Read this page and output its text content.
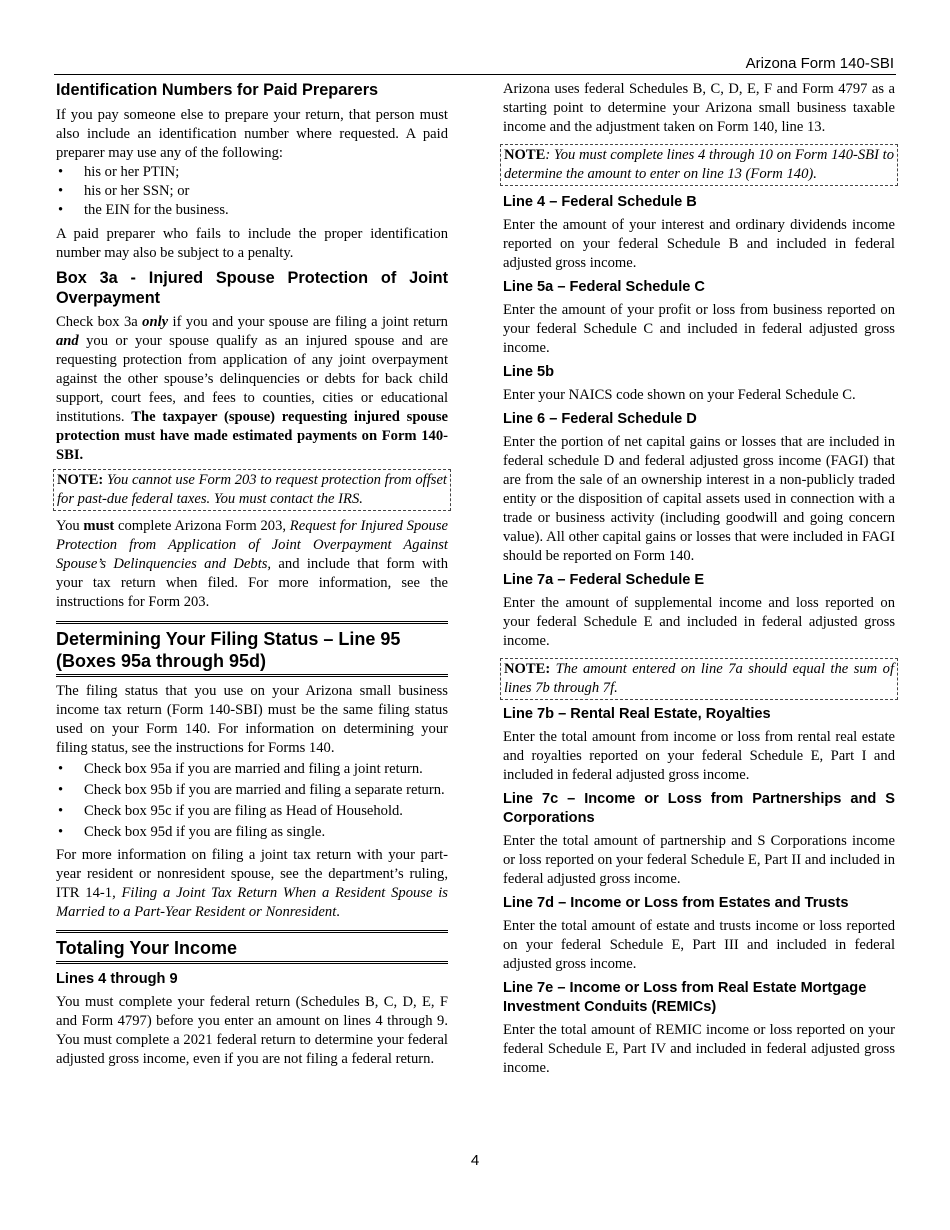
Arizona Form 140-SBI
Identification Numbers for Paid Preparers

If you pay someone else to prepare your return, that person must also include an identification number where requested. A paid preparer may use any of the following:

• his or her PTIN;
• his or her SSN; or
• the EIN for the business.

A paid preparer who fails to include the proper identification number may also be subject to a penalty.

Box 3a - Injured Spouse Protection of Joint Overpayment

Check box 3a only if you and your spouse are filing a joint return and you or your spouse qualify as an injured spouse and are requesting protection from application of any joint overpayment against the other spouse’s delinquencies or debts for back child support, court fees, and fees to counties, cities or educational institutions. The taxpayer (spouse) requesting injured spouse protection must have made estimated payments on Form 140-SBI.

NOTE: You cannot use Form 203 to request protection from offset for past-due federal taxes. You must contact the IRS.

You must complete Arizona Form 203, Request for Injured Spouse Protection from Application of Joint Overpayment Against Spouse’s Delinquencies and Debts, and include that form with your tax return when filed. For more information, see the instructions for Form 203.

Determining Your Filing Status – Line 95 (Boxes 95a through 95d)

The filing status that you use on your Arizona small business income tax return (Form 140-SBI) must be the same filing status used on your Form 140. For information on determining your filing status, see the instructions for Forms 140.

• Check box 95a if you are married and filing a joint return.
• Check box 95b if you are married and filing a separate return.
• Check box 95c if you are filing as Head of Household.
• Check box 95d if you are filing as single.

For more information on filing a joint tax return with your part-year resident or nonresident spouse, see the department’s ruling, ITR 14-1, Filing a Joint Tax Return When a Resident Spouse is Married to a Part-Year Resident or Nonresident.

Totaling Your Income
Lines 4 through 9

You must complete your federal return (Schedules B, C, D, E, F and Form 4797) before you enter an amount on lines 4 through 9. You must complete a 2021 federal return to determine your federal adjusted gross income, even if you are not filing a federal return.

Arizona uses federal Schedules B, C, D, E, F and Form 4797 as a starting point to determine your Arizona small business taxable income and the adjustment taken on Form 140, line 13.

NOTE: You must complete lines 4 through 10 on Form 140-SBI to determine the amount to enter on line 13 (Form 140).
Line 4 – Federal Schedule B

Enter the amount of your interest and ordinary dividends income reported on your federal Schedule B and included in federal adjusted gross income.

Line 5a – Federal Schedule C

Enter the amount of your profit or loss from business reported on your federal Schedule C and included in federal adjusted gross income.

Line 5b

Enter your NAICS code shown on your Federal Schedule C.

Line 6 – Federal Schedule D

Enter the portion of net capital gains or losses that are included in federal schedule D and federal adjusted gross income (FAGI) that are from the sale of an ownership interest in a non-publicly traded entity or the disposition of capital assets used in connection with a trade or business activity (including goodwill and going concern value). All other capital gains or losses that were included in FAGI should be reported on Form 140.

Line 7a – Federal Schedule E

Enter the amount of supplemental income and loss reported on your federal Schedule E and included in federal adjusted gross income.

NOTE: The amount entered on line 7a should equal the sum of lines 7b through 7f.
Line 7b – Rental Real Estate, Royalties

Enter the total amount from income or loss from rental real estate and royalties reported on your federal Schedule E, Part I and included in federal adjusted gross income.

Line 7c – Income or Loss from Partnerships and S Corporations

Enter the total amount of partnership and S Corporations income or loss reported on your federal Schedule E, Part II and included in federal adjusted gross income.

Line 7d – Income or Loss from Estates and Trusts

Enter the total amount of estate and trusts income or loss reported on your federal Schedule E, Part III and included in federal adjusted gross income.

Line 7e – Income or Loss from Real Estate Mortgage Investment Conduits (REMICs)

Enter the total amount of REMIC income or loss reported on your federal Schedule E, Part IV and included in federal adjusted gross income.

4
